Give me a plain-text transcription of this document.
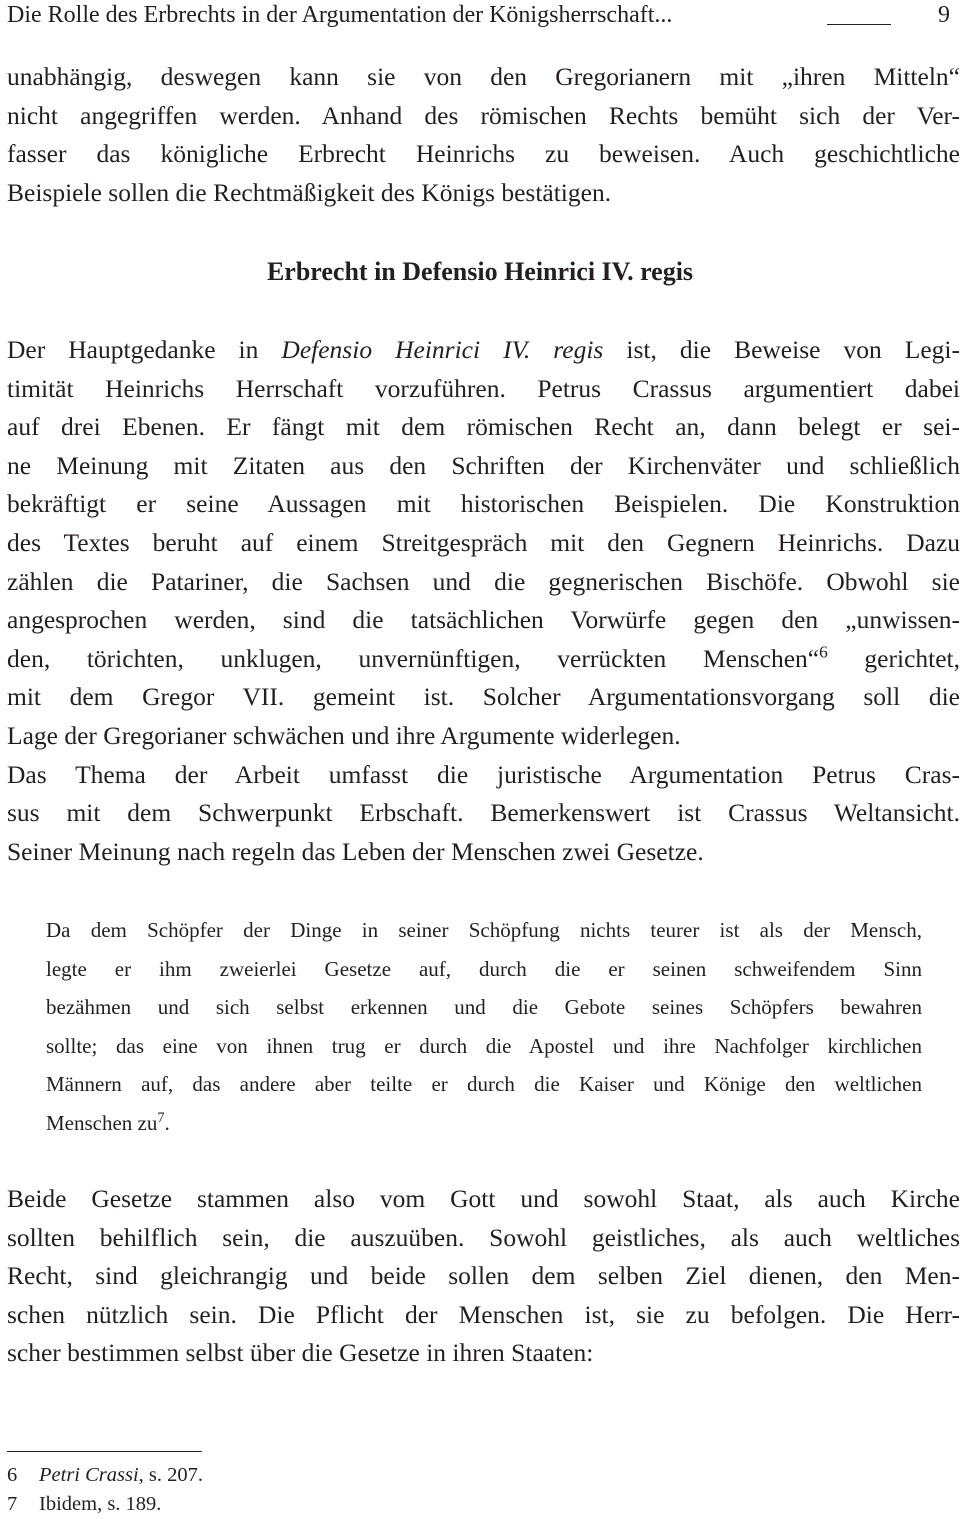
Die Rolle des Erbrechts in der Argumentation der Königsherrschaft...	9
unabhängig, deswegen kann sie von den Gregorianern mit „ihren Mitteln“
nicht angegriffen werden. Anhand des römischen Rechts bemüht sich der Ver-
fasser das königliche Erbrecht Heinrichs zu beweisen. Auch geschichtliche
Beispiele sollen die Rechtmäßigkeit des Königs bestätigen.
Erbrecht in Defensio Heinrici IV. regis
Der Hauptgedanke in Defensio Heinrici IV. regis ist, die Beweise von Legi-
timität Heinrichs Herrschaft vorzuführen. Petrus Crassus argumentiert dabei
auf drei Ebenen. Er fängt mit dem römischen Recht an, dann belegt er sei-
ne Meinung mit Zitaten aus den Schriften der Kirchenväter und schließlich
bekräftigt er seine Aussagen mit historischen Beispielen. Die Konstruktion
des Textes beruht auf einem Streitgespräch mit den Gegnern Heinrichs. Dazu
zählen die Patariner, die Sachsen und die gegnerischen Bischöfe. Obwohl sie
angesprochen werden, sind die tatsächlichen Vorwürfe gegen den „unwissen-
den, törichten, unklugen, unvernünftigen, verrückten Menschen“$^6$ gerichtet,
mit dem Gregor VII. gemeint ist. Solcher Argumentationsvorgang soll die
Lage der Gregorianer schwächen und ihre Argumente widerlegen.
Das Thema der Arbeit umfasst die juristische Argumentation Petrus Cras-
sus mit dem Schwerpunkt Erbschaft. Bemerkenswert ist Crassus Weltansicht.
Seiner Meinung nach regeln das Leben der Menschen zwei Gesetze.
Da dem Schöpfer der Dinge in seiner Schöpfung nichts teurer ist als der Mensch,
legte er ihm zweierlei Gesetze auf, durch die er seinen schweifendem Sinn
bezähmen und sich selbst erkennen und die Gebote seines Schöpfers bewahren
sollte; das eine von ihnen trug er durch die Apostel und ihre Nachfolger kirchlichen
Männern auf, das andere aber teilte er durch die Kaiser und Könige den weltlichen
Menschen $zu^7$.
Beide Gesetze stammen also vom Gott und sowohl Staat, als auch Kirche
sollten behilflich sein, die auszuüben. Sowohl geistliches, als auch weltliches
Recht, sind gleichrangig und beide sollen dem selben Ziel dienen, den Men-
schen nützlich sein. Die Pflicht der Menschen ist, sie zu befolgen. Die Herr-
scher bestimmen selbst über die Gesetze in ihren Staaten:
6 Petri Crassi, s. 207.
7 Ibidem, s. 189.
